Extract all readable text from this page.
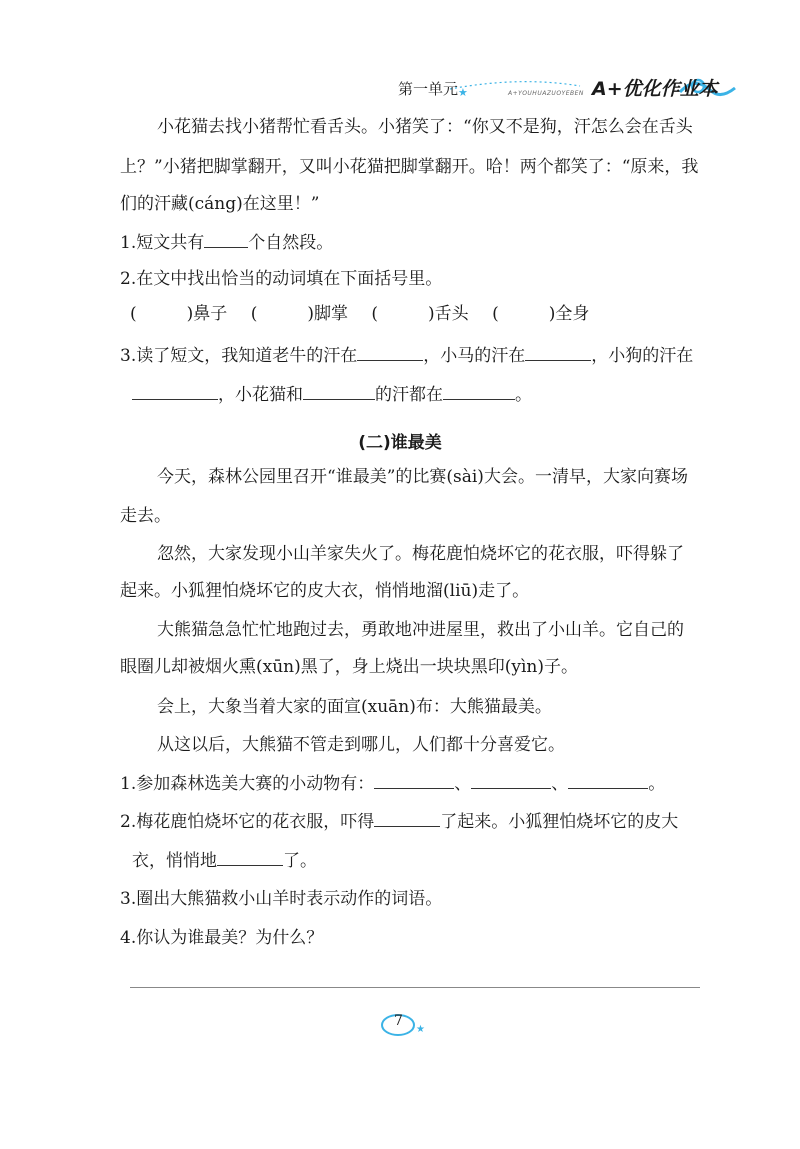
★
第一单元	A+YOUHUAZUOYEBEN A+优化作业本
小花猫去找小猪帮忙看舌头。小猪笑了：“你又不是狗，汗怎么会在舌头
上？”小猪把脚掌翻开，又叫小花猫把脚掌翻开。哈！两个都笑了：“原来，我
们的汗藏(cáng)在这里！”
1.短文共有	个自然段。
2.在文中找出恰当的动词填在下面括号里。
(	)鼻子 (	)脚掌 (	)舌头 (	)全身
3.读了短文，我知道老牛的汗在	，小马的汗在	，小狗的汗在
，小花猫和	的汗都在	。
(二)谁最美
今天，森林公园里召开“谁最美”的比赛(sài)大会。一清早，大家向赛场
走去。
忽然，大家发现小山羊家失火了。梅花鹿怕烧坏它的花衣服，吓得躲了
起来。小狐狸怕烧坏它的皮大衣，悄悄地溜(liū)走了。
大熊猫急急忙忙地跑过去，勇敢地冲进屋里，救出了小山羊。它自己的
眼圈儿却被烟火熏(xūn)黑了，身上烧出一块块黑印(yìn)子。
会上，大象当着大家的面宣(xuān)布：大熊猫最美。
从这以后，大熊猫不管走到哪儿，人们都十分喜爱它。
1.参加森林选美大赛的小动物有：	、	、	。
2.梅花鹿怕烧坏它的花衣服，吓得	了起来。小狐狸怕烧坏它的皮大
衣，悄悄地	了。
3.圈出大熊猫救小山羊时表示动作的词语。
4.你认为谁最美？为什么？
★
7
